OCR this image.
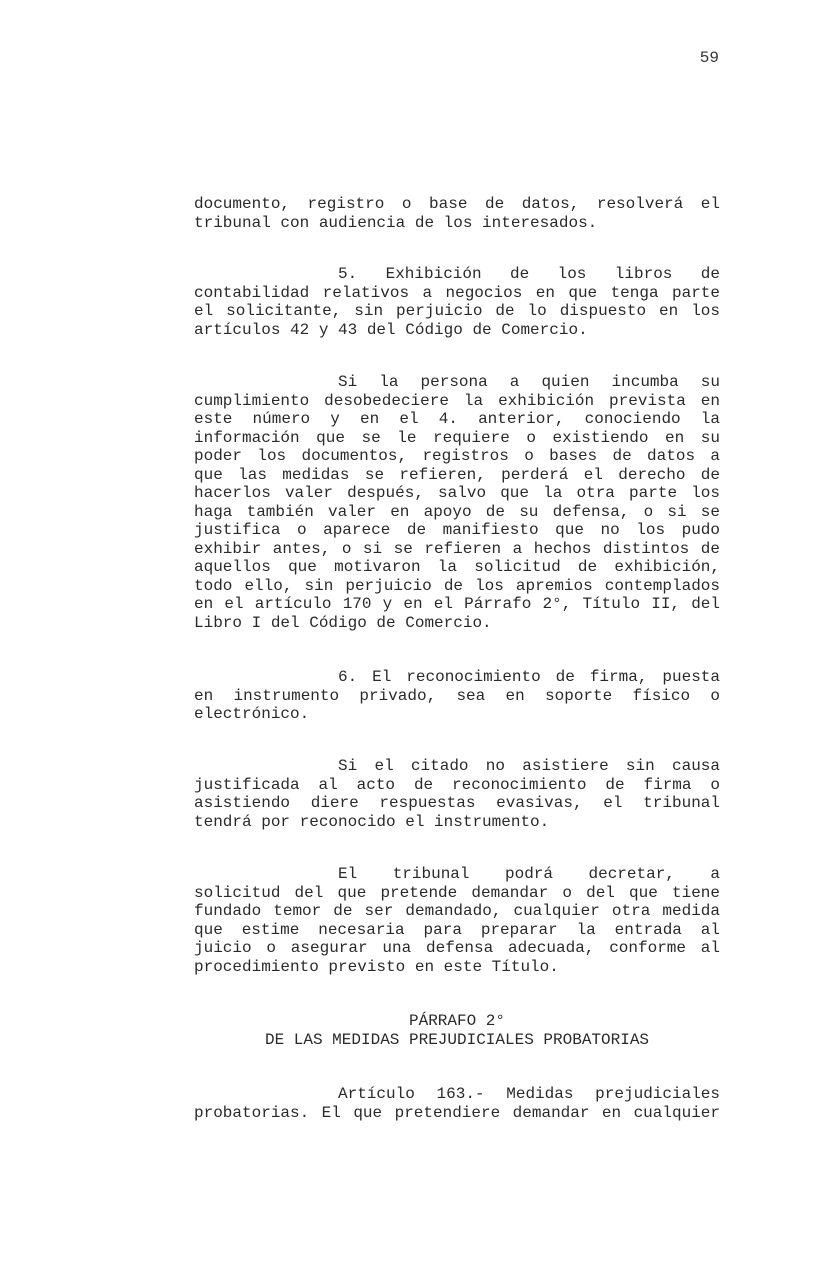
59

documento, registro o base de datos, resolverá el
tribunal con audiencia de los interesados.

5. Exhibición de los libros de
contabilidad relativos a negocios en que tenga parte
el solicitante, sin perjuicio de lo dispuesto en los
artículos 42 y 43 del Código de Comercio.

Si la persona a quien incumba su
cumplimiento desobedeciere la exhibición prevista en
este número y en el 4. anterior, conociendo la
información que se le requiere o existiendo en su
poder los documentos, registros o bases de datos a
que las medidas se refieren, perderá el derecho de
hacerlos valer después, salvo que la otra parte los
haga también valer en apoyo de su defensa, o si se
justifica o aparece de manifiesto que no los pudo
exhibir antes, o si se refieren a hechos distintos de
aquellos que motivaron la solicitud de exhibición,
todo ello, sin perjuicio de los apremios contemplados
en el artículo 170 y en el Párrafo 2°, Título II, del
Libro I del Código de Comercio.

6. El reconocimiento de firma, puesta
en instrumento privado, sea en soporte físico o
electrónico.

Si el citado no asistiere sin causa
justificada al acto de reconocimiento de firma o
asistiendo diere respuestas evasivas, el tribunal
tendrá por reconocido el instrumento.

El tribunal podrá decretar, a
solicitud del que pretende demandar o del que tiene
fundado temor de ser demandado, cualquier otra medida
que estime necesaria para preparar la entrada al
juicio o asegurar una defensa adecuada, conforme al
procedimiento previsto en este Título.

PÁRRAFO 2°
DE LAS MEDIDAS PREJUDICIALES PROBATORIAS

Artículo 163.- Medidas prejudiciales
probatorias. El que pretendiere demandar en cualquier
